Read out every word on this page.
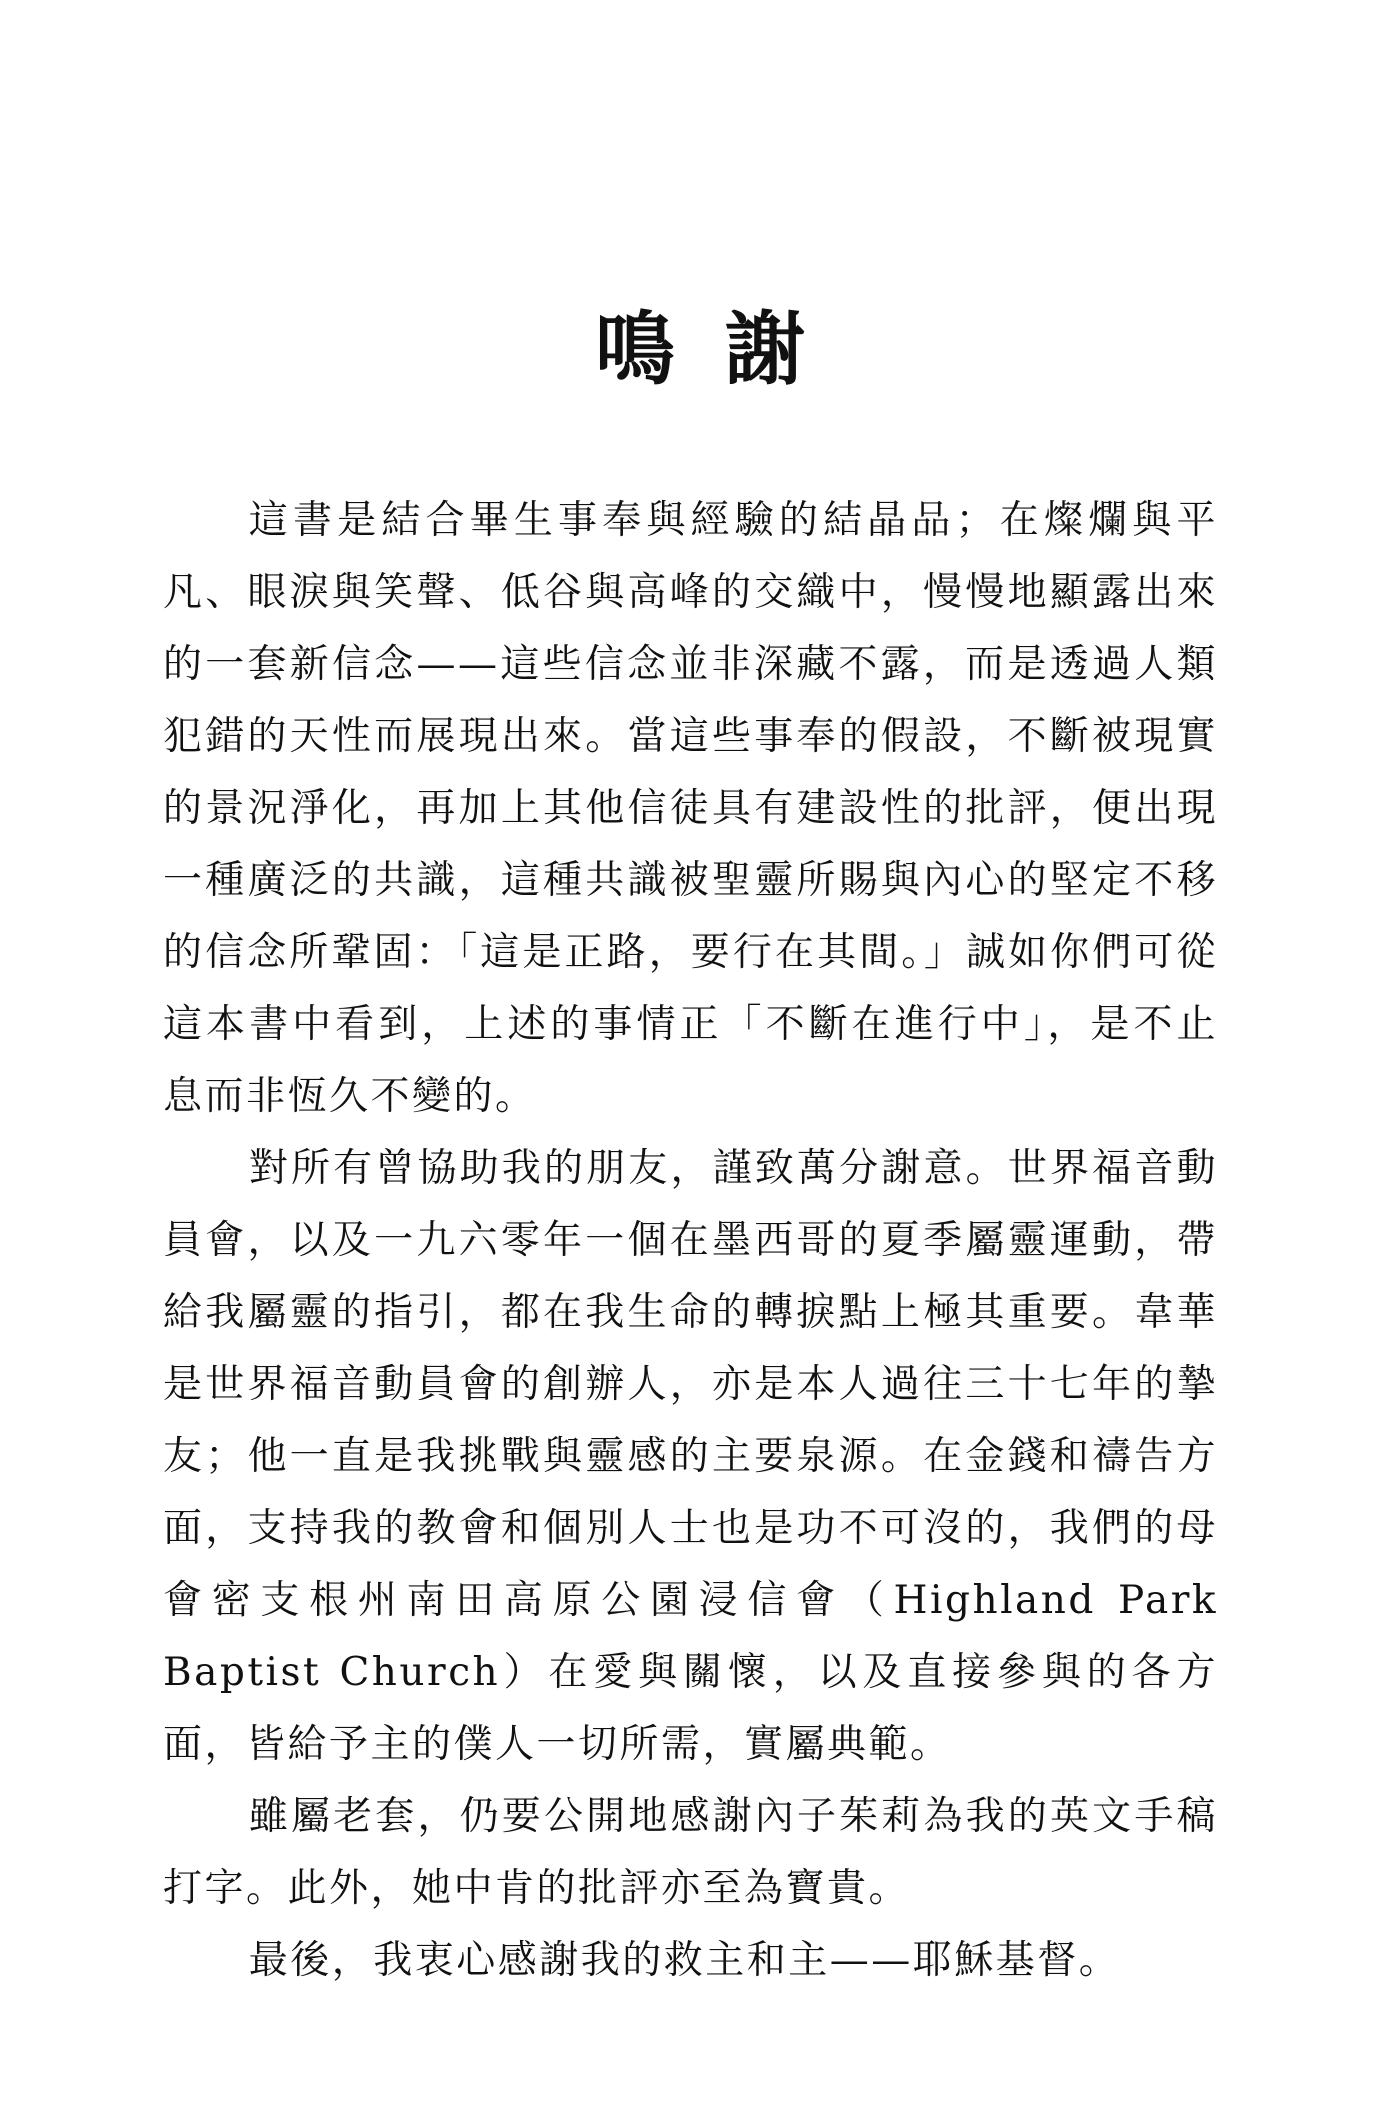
鳴謝

這書是結合畢生事奉與經驗的結晶品；在燦爛與平凡、眼淚與笑聲、低谷與高峰的交織中，慢慢地顯露出來的一套新信念——這些信念並非深藏不露，而是透過人類犯錯的天性而展現出來。當這些事奉的假設，不斷被現實的景況淨化，再加上其他信徒具有建設性的批評，便出現一種廣泛的共識，這種共識被聖靈所賜與內心的堅定不移的信念所鞏固：「這是正路，要行在其間。」誠如你們可從這本書中看到，上述的事情正「不斷在進行中」，是不止息而非恆久不變的。

對所有曾協助我的朋友，謹致萬分謝意。世界福音動員會，以及一九六零年一個在墨西哥的夏季屬靈運動，帶給我屬靈的指引，都在我生命的轉捩點上極其重要。韋華是世界福音動員會的創辦人，亦是本人過往三十七年的摯友；他一直是我挑戰與靈感的主要泉源。在金錢和禱告方面，支持我的教會和個別人士也是功不可沒的，我們的母會密支根州南田高原公園浸信會（Highland Park Baptist Church）在愛與關懷，以及直接參與的各方面，皆給予主的僕人一切所需，實屬典範。

雖屬老套，仍要公開地感謝內子茱莉為我的英文手稿打字。此外，她中肯的批評亦至為寶貴。

最後，我衷心感謝我的救主和主——耶穌基督。
